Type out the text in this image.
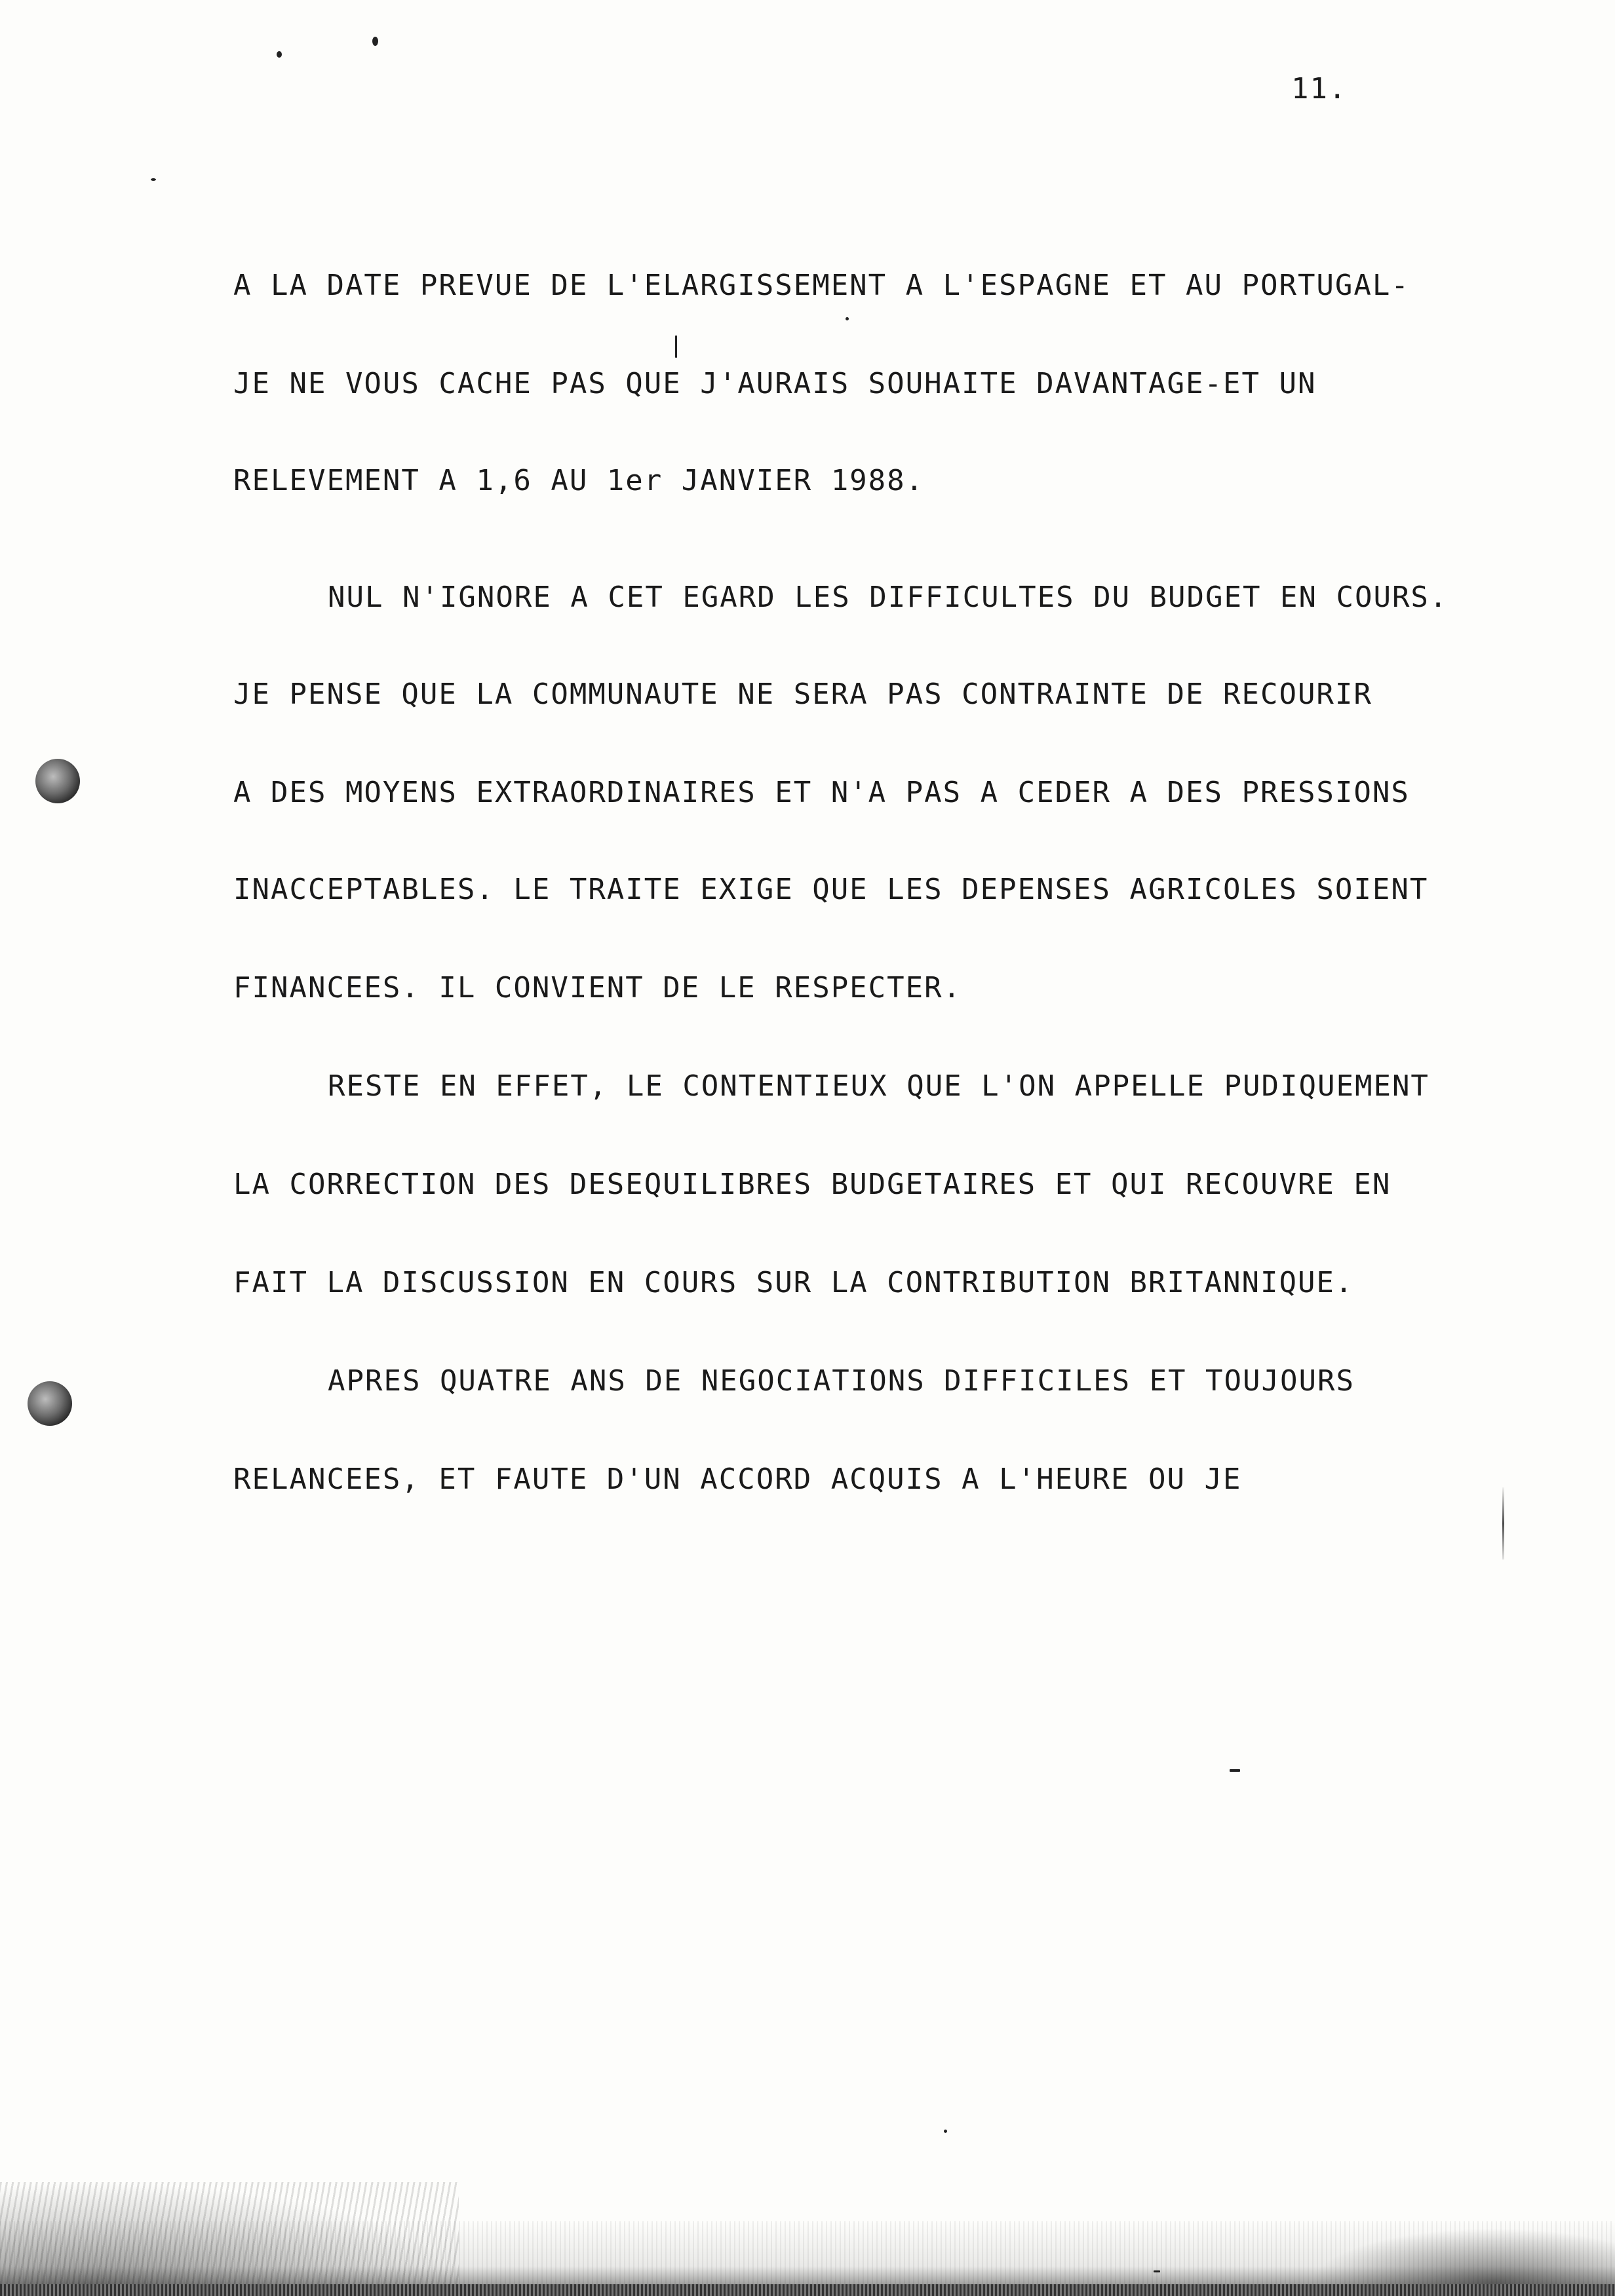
11.
A LA DATE PREVUE DE L'ELARGISSEMENT A L'ESPAGNE ET AU PORTUGAL-
JE NE VOUS CACHE PAS QUE J'AURAIS SOUHAITE DAVANTAGE-ET UN
RELEVEMENT A 1,6 AU 1er JANVIER 1988.
NUL N'IGNORE A CET EGARD LES DIFFICULTES DU BUDGET EN COURS.
JE PENSE QUE LA COMMUNAUTE NE SERA PAS CONTRAINTE DE RECOURIR
A DES MOYENS EXTRAORDINAIRES ET N'A PAS A CEDER A DES PRESSIONS
INACCEPTABLES. LE TRAITE EXIGE QUE LES DEPENSES AGRICOLES SOIENT
FINANCEES. IL CONVIENT DE LE RESPECTER.
RESTE EN EFFET, LE CONTENTIEUX QUE L'ON APPELLE PUDIQUEMENT
LA CORRECTION DES DESEQUILIBRES BUDGETAIRES ET QUI RECOUVRE EN
FAIT LA DISCUSSION EN COURS SUR LA CONTRIBUTION BRITANNIQUE.
APRES QUATRE ANS DE NEGOCIATIONS DIFFICILES ET TOUJOURS
RELANCEES, ET FAUTE D'UN ACCORD ACQUIS A L'HEURE OU JE
